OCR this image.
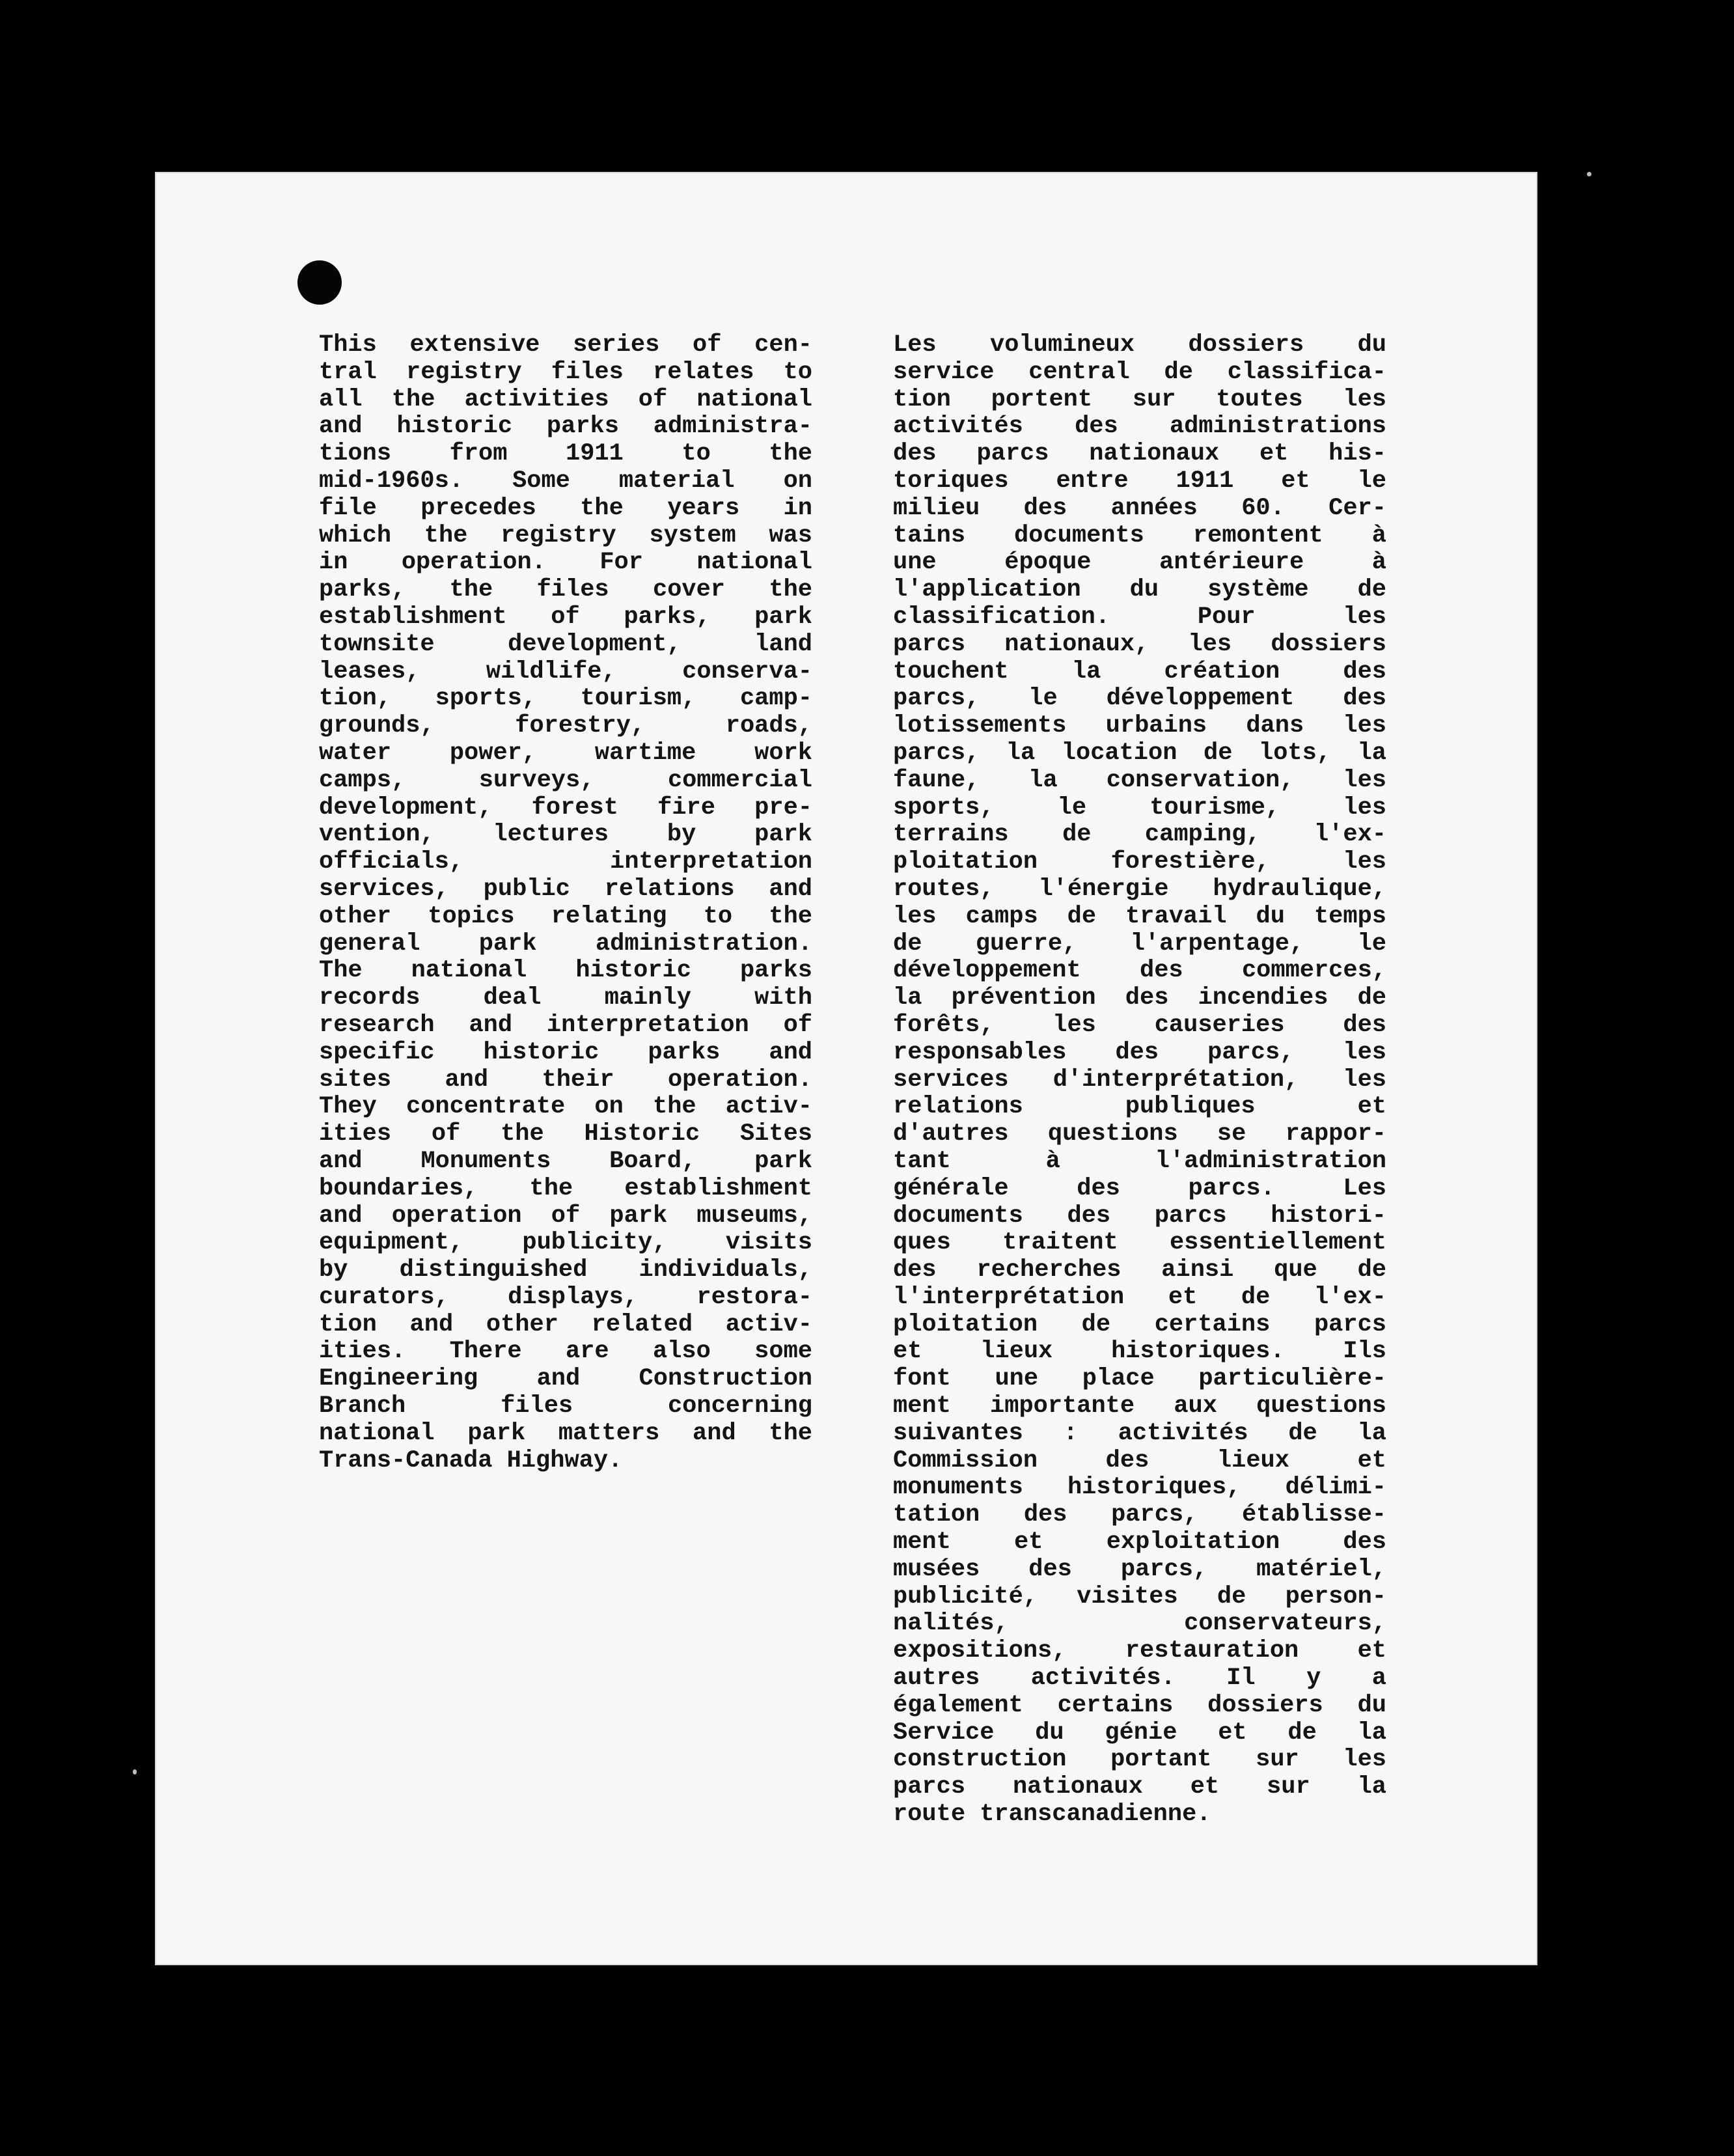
This extensive series of cen-
tral registry files relates to
all the activities of national
and historic parks administra-
tions from 1911 to the
mid-1960s. Some material on
file precedes the years in
which the registry system was
in operation. For national
parks, the files cover the
establishment of parks, park
townsite development, land
leases, wildlife, conserva-
tion, sports, tourism, camp-
grounds, forestry, roads,
water power, wartime work
camps, surveys, commercial
development, forest fire pre-
vention, lectures by park
officials, interpretation
services, public relations and
other topics relating to the
general park administration.
The national historic parks
records deal mainly with
research and interpretation of
specific historic parks and
sites and their operation.
They concentrate on the activ-
ities of the Historic Sites
and Monuments Board, park
boundaries, the establishment
and operation of park museums,
equipment, publicity, visits
by distinguished individuals,
curators, displays, restora-
tion and other related activ-
ities. There are also some
Engineering and Construction
Branch files concerning
national park matters and the
Trans-Canada Highway.
Les volumineux dossiers du
service central de classifica-
tion portent sur toutes les
activités des administrations
des parcs nationaux et his-
toriques entre 1911 et le
milieu des années 60. Cer-
tains documents remontent à
une époque antérieure à
l'application du système de
classification. Pour les
parcs nationaux, les dossiers
touchent la création des
parcs, le développement des
lotissements urbains dans les
parcs, la location de lots, la
faune, la conservation, les
sports, le tourisme, les
terrains de camping, l'ex-
ploitation forestière, les
routes, l'énergie hydraulique,
les camps de travail du temps
de guerre, l'arpentage, le
développement des commerces,
la prévention des incendies de
forêts, les causeries des
responsables des parcs, les
services d'interprétation, les
relations publiques et
d'autres questions se rappor-
tant à l'administration
générale des parcs. Les
documents des parcs histori-
ques traitent essentiellement
des recherches ainsi que de
l'interprétation et de l'ex-
ploitation de certains parcs
et lieux historiques. Ils
font une place particulière-
ment importante aux questions
suivantes : activités de la
Commission des lieux et
monuments historiques, délimi-
tation des parcs, établisse-
ment et exploitation des
musées des parcs, matériel,
publicité, visites de person-
nalités, conservateurs,
expositions, restauration et
autres activités. Il y a
également certains dossiers du
Service du génie et de la
construction portant sur les
parcs nationaux et sur la
route transcanadienne.
